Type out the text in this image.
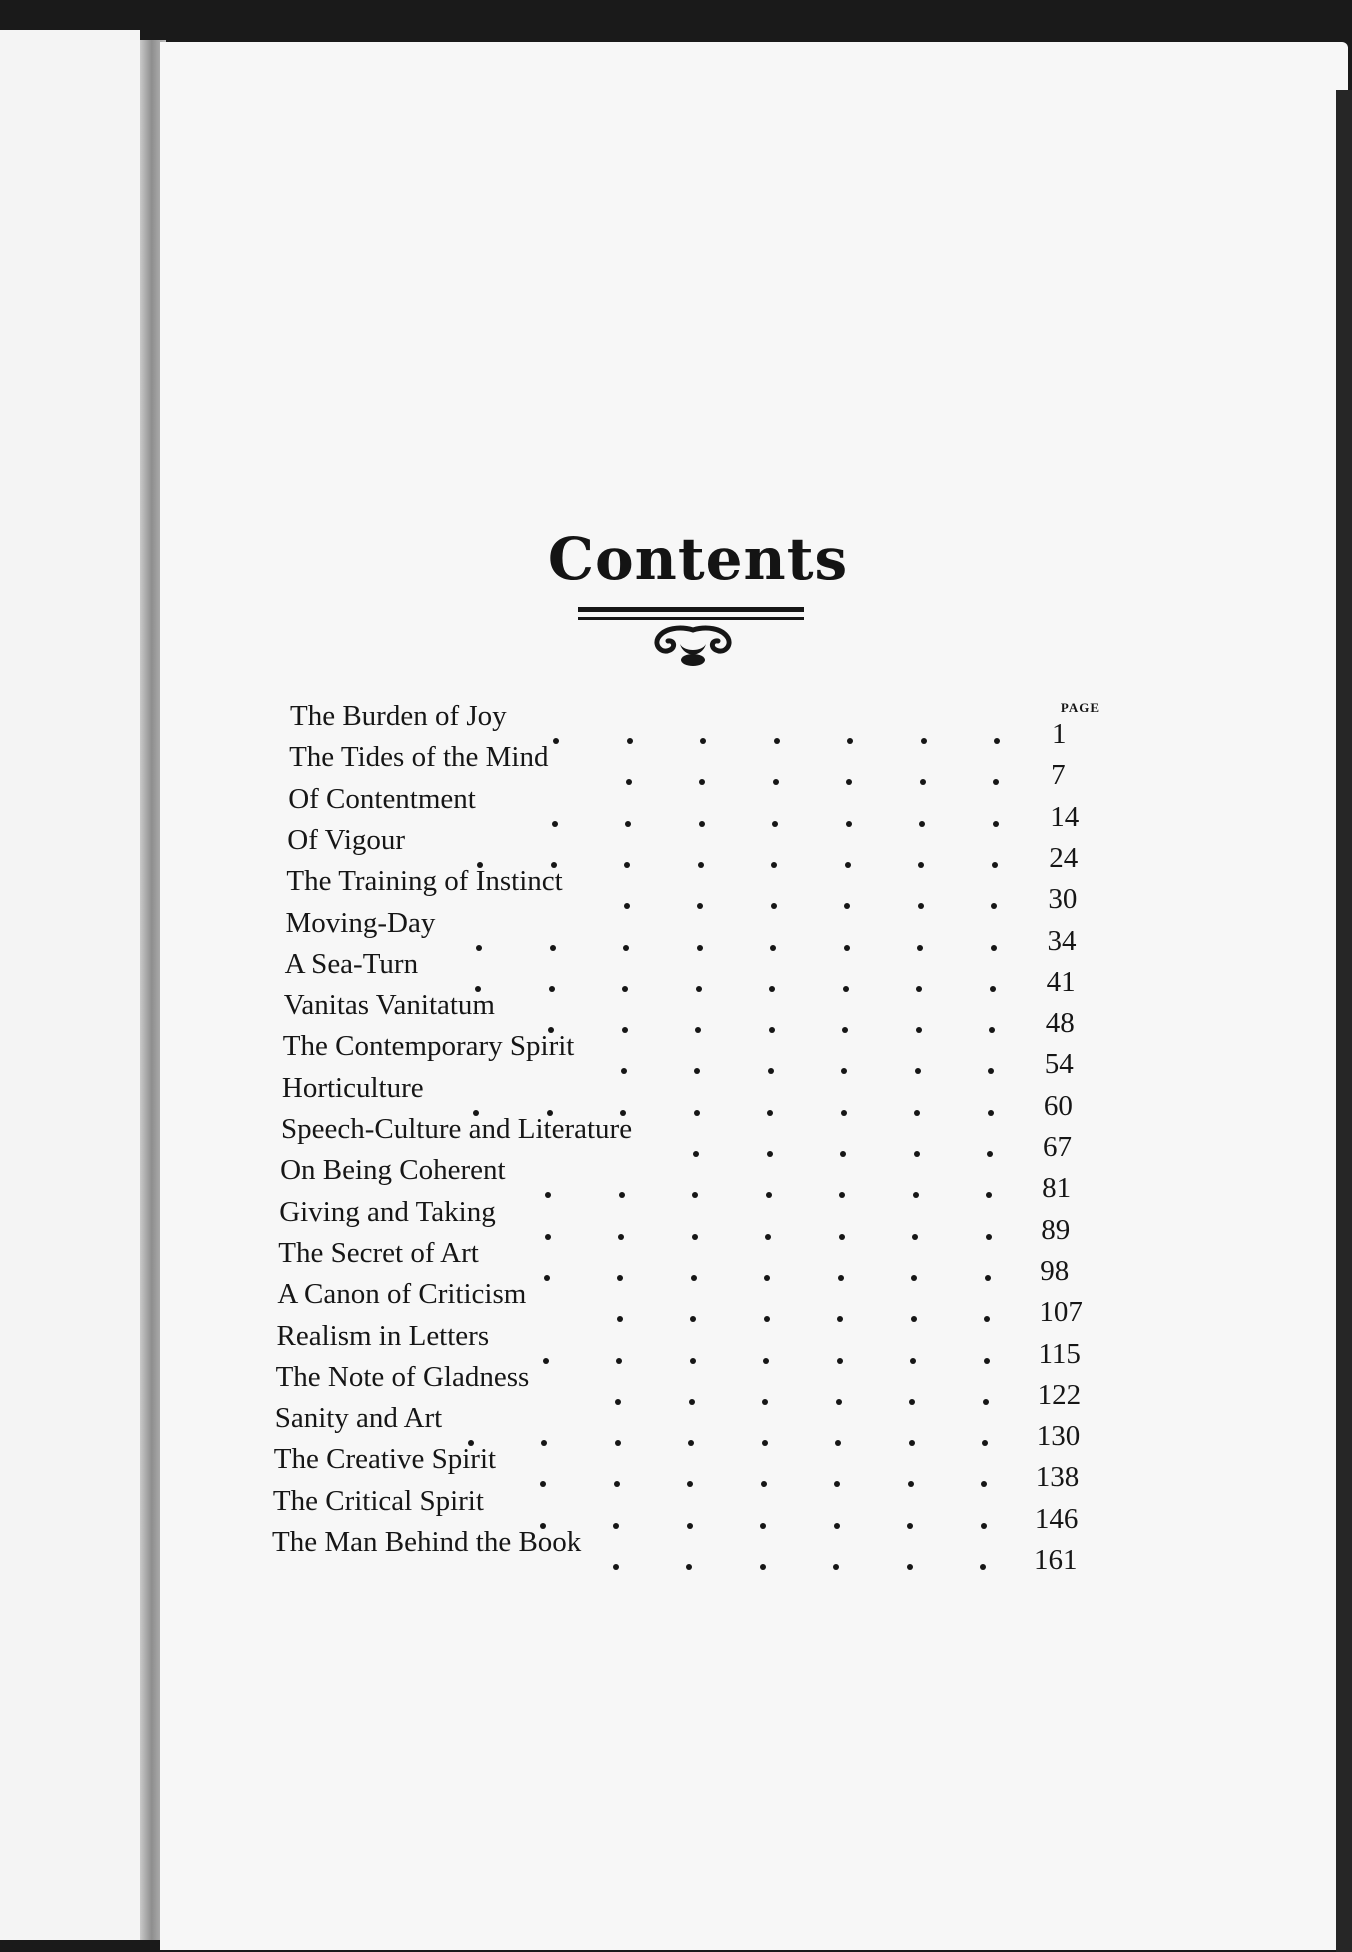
Contents
PAGE
The Burden of Joy
1
The Tides of the Mind
7
Of Contentment
14
Of Vigour
24
The Training of Instinct
30
Moving-Day
34
A Sea-Turn
41
Vanitas Vanitatum
48
The Contemporary Spirit
54
Horticulture
60
Speech-Culture and Literature
67
On Being Coherent
81
Giving and Taking
89
The Secret of Art
98
A Canon of Criticism
107
Realism in Letters
115
The Note of Gladness
122
Sanity and Art
130
The Creative Spirit
138
The Critical Spirit
146
The Man Behind the Book
161
